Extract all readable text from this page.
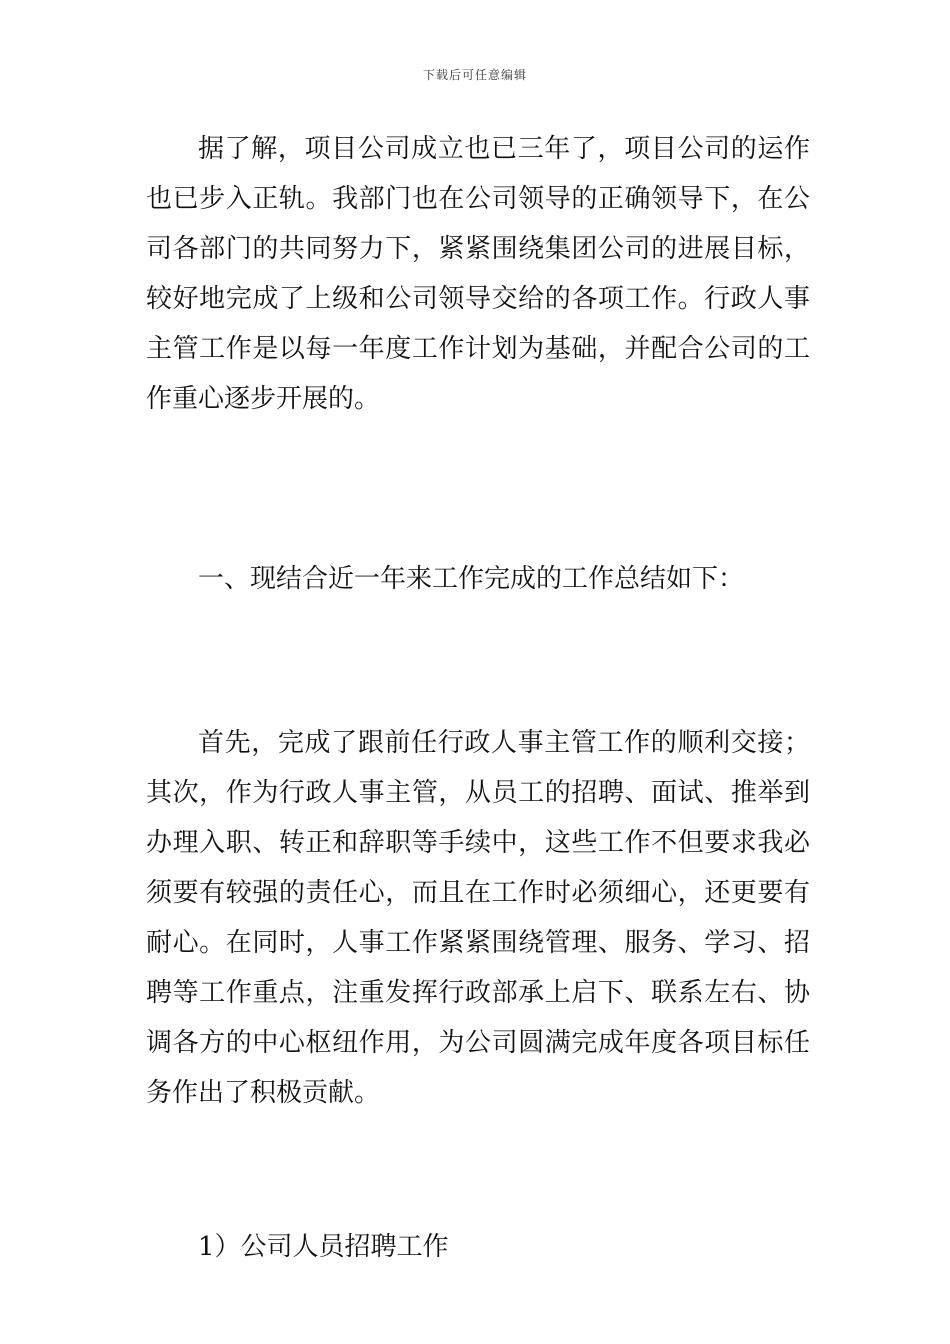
下载后可任意编辑

据了解，项目公司成立也已三年了，项目公司的运作也已步入正轨。我部门也在公司领导的正确领导下，在公司各部门的共同努力下，紧紧围绕集团公司的进展目标，较好地完成了上级和公司领导交给的各项工作。行政人事主管工作是以每一年度工作计划为基础，并配合公司的工作重心逐步开展的。

一、现结合近一年来工作完成的工作总结如下：

首先，完成了跟前任行政人事主管工作的顺利交接；其次，作为行政人事主管，从员工的招聘、面试、推举到办理入职、转正和辞职等手续中，这些工作不但要求我必须要有较强的责任心，而且在工作时必须细心，还更要有耐心。在同时，人事工作紧紧围绕管理、服务、学习、招聘等工作重点，注重发挥行政部承上启下、联系左右、协调各方的中心枢纽作用，为公司圆满完成年度各项目标任务作出了积极贡献。

1）公司人员招聘工作
